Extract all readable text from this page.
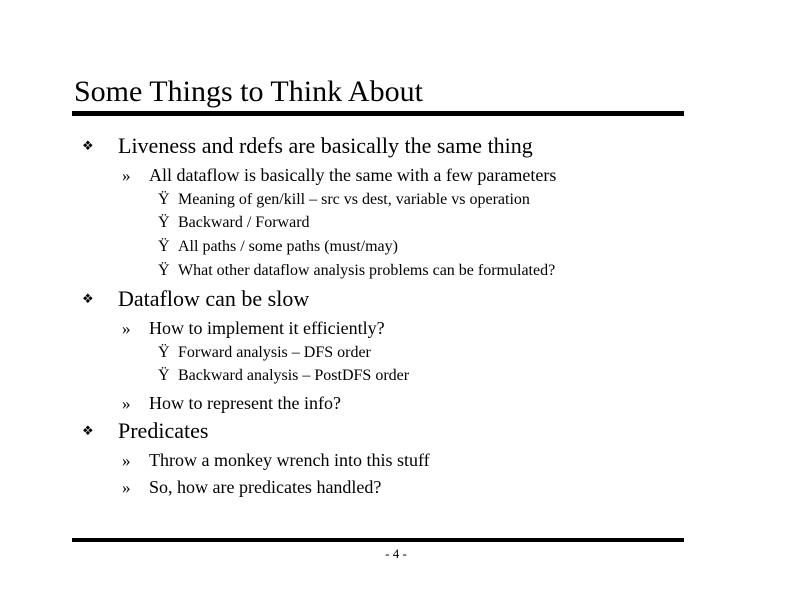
Some Things to Think About
❖ Liveness and rdefs are basically the same thing
» All dataflow is basically the same with a few parameters
Ÿ Meaning of gen/kill – src vs dest, variable vs operation
Ÿ Backward / Forward
Ÿ All paths / some paths (must/may)
Ÿ What other dataflow analysis problems can be formulated?
❖ Dataflow can be slow
» How to implement it efficiently?
Ÿ Forward analysis – DFS order
Ÿ Backward analysis – PostDFS order
» How to represent the info?
❖ Predicates
» Throw a monkey wrench into this stuff
» So, how are predicates handled?
- 4 -
